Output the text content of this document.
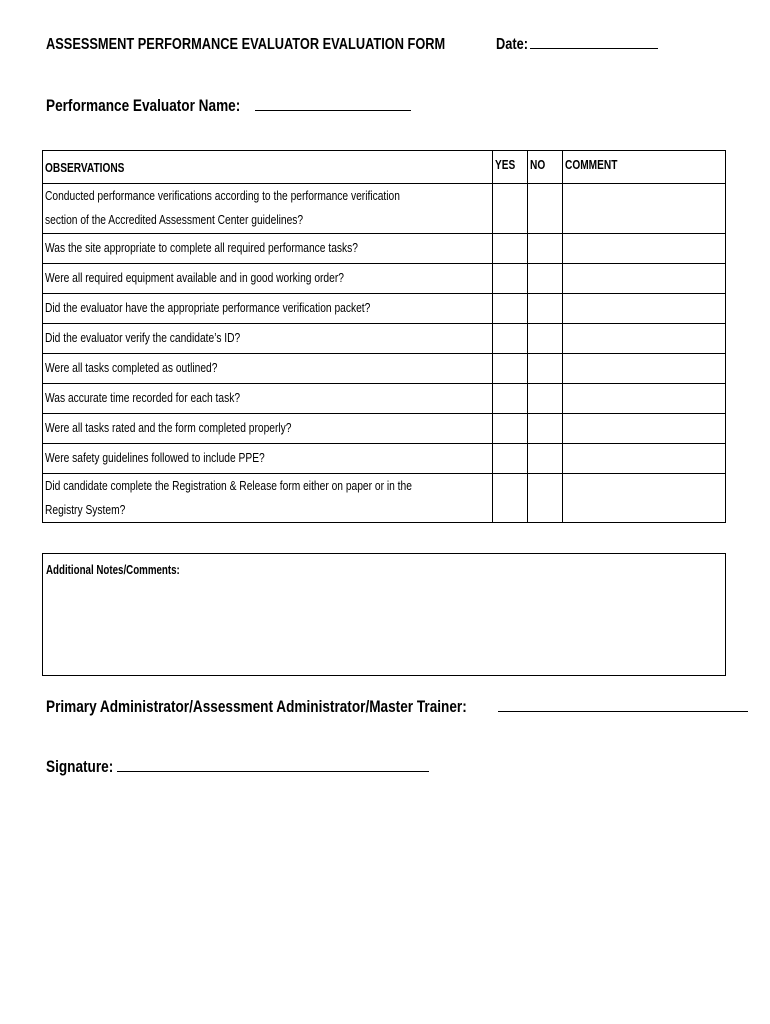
ASSESSMENT PERFORMANCE EVALUATOR EVALUATION FORM	Date:
Performance Evaluator Name:
OBSERVATIONS	YES	NO	COMMENT

Conducted performance verifications according to the performance verification
section of the Accredited Assessment Center guidelines?			

Was the site appropriate to complete all required performance tasks?			

Were all required equipment available and in good working order?			

Did the evaluator have the appropriate performance verification packet?			

Did the evaluator verify the candidate’s ID?			

Were all tasks completed as outlined?			

Was accurate time recorded for each task?			

Were all tasks rated and the form completed properly?			

Were safety guidelines followed to include PPE?			

Did candidate complete the Registration & Release form either on paper or in the
Registry System?			

Additional Notes/Comments:
Primary Administrator/Assessment Administrator/Master Trainer:
Signature:
